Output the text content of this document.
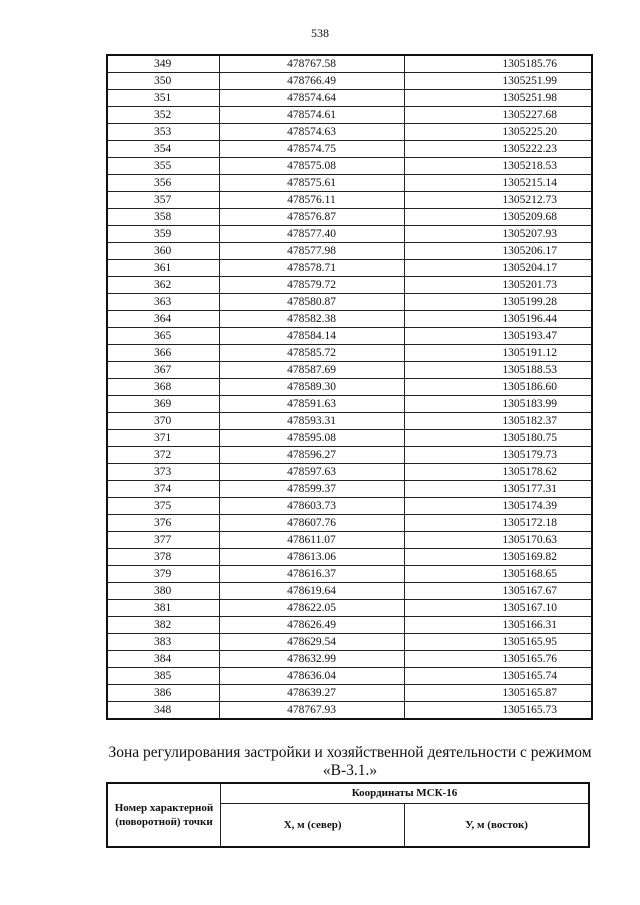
538
349	478767.58	1305185.76
350	478766.49	1305251.99
351	478574.64	1305251.98
352	478574.61	1305227.68
353	478574.63	1305225.20
354	478574.75	1305222.23
355	478575.08	1305218.53
356	478575.61	1305215.14
357	478576.11	1305212.73
358	478576.87	1305209.68
359	478577.40	1305207.93
360	478577.98	1305206.17
361	478578.71	1305204.17
362	478579.72	1305201.73
363	478580.87	1305199.28
364	478582.38	1305196.44
365	478584.14	1305193.47
366	478585.72	1305191.12
367	478587.69	1305188.53
368	478589.30	1305186.60
369	478591.63	1305183.99
370	478593.31	1305182.37
371	478595.08	1305180.75
372	478596.27	1305179.73
373	478597.63	1305178.62
374	478599.37	1305177.31
375	478603.73	1305174.39
376	478607.76	1305172.18
377	478611.07	1305170.63
378	478613.06	1305169.82
379	478616.37	1305168.65
380	478619.64	1305167.67
381	478622.05	1305167.10
382	478626.49	1305166.31
383	478629.54	1305165.95
384	478632.99	1305165.76
385	478636.04	1305165.74
386	478639.27	1305165.87
348	478767.93	1305165.73
Зона регулирования застройки и хозяйственной деятельности с режимом «В-3.1.»
Номер характерной (поворотной) точки	Координаты МСК-16	
	X, м (север)	У, м (восток)
